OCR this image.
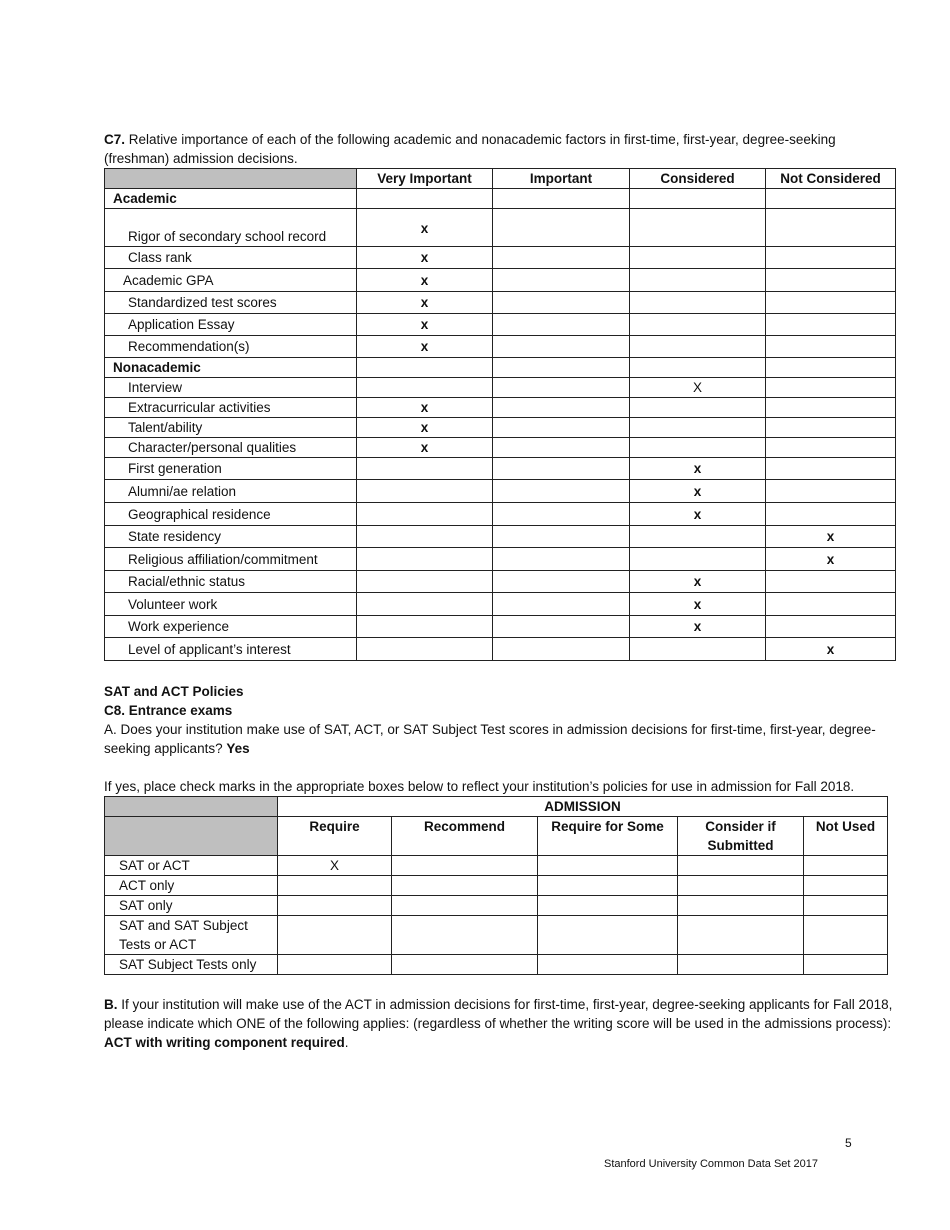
C7. Relative importance of each of the following academic and nonacademic factors in first-time, first-year, degree-seeking (freshman) admission decisions.

	Very Important	Important	Considered	Not Considered
Academic				
Rigor of secondary school record	x			
Class rank	x			
Academic GPA	x			
Standardized test scores	x			
Application Essay	x			
Recommendation(s)	x			
Nonacademic				
Interview			X	
Extracurricular activities	x			
Talent/ability	x			
Character/personal qualities	x			
First generation			x	
Alumni/ae relation			x	
Geographical residence			x	
State residency				x
Religious affiliation/commitment				x
Racial/ethnic status			x	
Volunteer work			x	
Work experience			x	
Level of applicant’s interest				x

SAT and ACT Policies

C8. Entrance exams

A. Does your institution make use of SAT, ACT, or SAT Subject Test scores in admission decisions for first-time, first-year, degree-seeking applicants? Yes

If yes, place check marks in the appropriate boxes below to reflect your institution’s policies for use in admission for Fall 2018.

	ADMISSION				
	Require	Recommend	Require for Some	Consider if Submitted	Not Used
SAT or ACT	X				
ACT only					
SAT only					
SAT and SAT Subject Tests or ACT					
SAT Subject Tests only					

B. If your institution will make use of the ACT in admission decisions for first-time, first-year, degree-seeking applicants for Fall 2018, please indicate which ONE of the following applies: (regardless of whether the writing score will be used in the admissions process): ACT with writing component required.

5
Stanford University Common Data Set 2017
